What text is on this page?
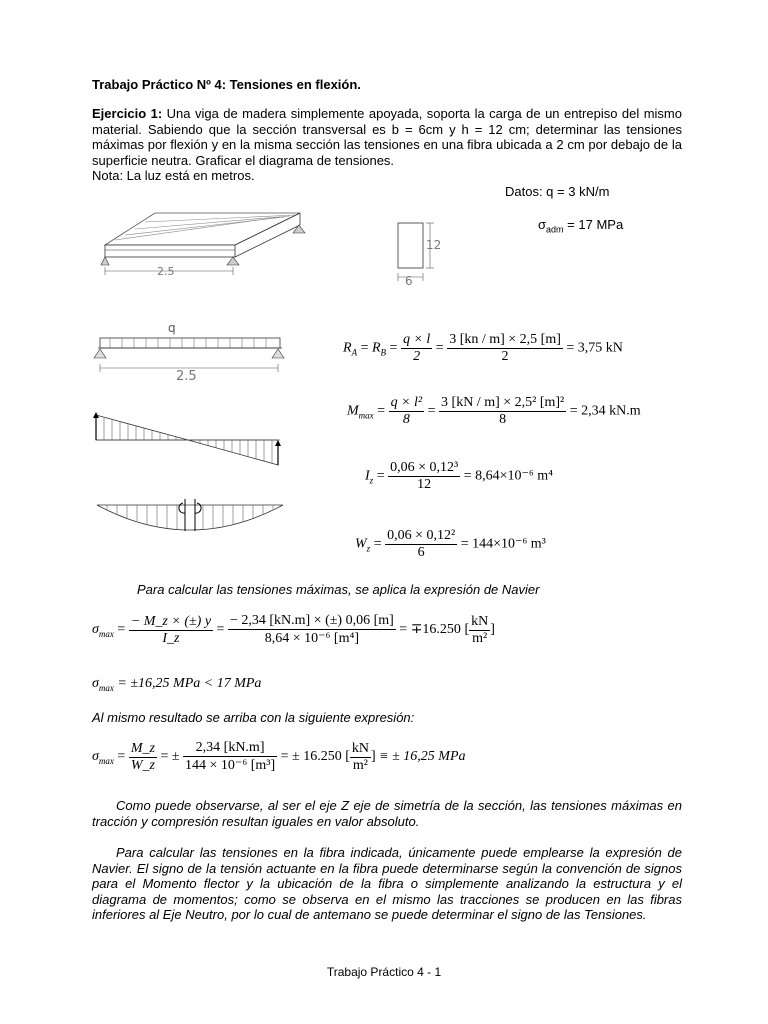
Trabajo Práctico Nº 4: Tensiones en flexión.
Ejercicio 1: Una viga de madera simplemente apoyada, soporta la carga de un entrepiso del mismo material. Sabiendo que la sección transversal es b = 6cm y h = 12 cm; determinar las tensiones máximas por flexión y en la misma sección las tensiones en una fibra ubicada a 2 cm por debajo de la superficie neutra. Graficar el diagrama de tensiones.
Nota: La luz está en metros.
Datos: q = 3 kN/m
$\sigma_{adm} = 17$ MPa
2.5
12
6
q
2.5
$R_A = R_B = \frac{q \times l}{2} = \frac{3 [kn / m] \times 2,5 [m]}{2} = 3,75$ kN
$M_{max} = \frac{\text{q × l²}}{8} = \frac{\text{3 [kN / m] × 2,5² [m]²}}{8} = 2,34$ kN.m
$I_z = \frac{\text{0,06 × 0,12³}}{12} = 8,64\times 10^{-6}$ m⁴
$W_z = \frac{\text{0,06 × 0,12²}}{6} = 144\times 10^{-6}$ m³
Para calcular las tensiones máximas, se aplica la expresión de Navier
$\sigma_{max} = \frac{- M\_z \times (\pm) y}{I\_z} = \frac{- 2,34 [kN.m] \times (\pm) 0,06 [m]}{\text{8,64 × 10⁻⁶ [m⁴]}} = \mp 16.250$ [ $\frac{kN}{\text{m²}}$ ]
$\sigma_{max} = \pm 16,25$ MPa < 17 MPa
Al mismo resultado se arriba con la siguiente expresión:
$\sigma_{max} = \frac{M\_z}{W\_z}$ = ± $\frac{2,34 [kN.m]}{\text{144 × 10⁻⁶ [m³]}}$ = ± 16.250 [ $\frac{kN}{\text{m²}}$ ] ≡ ± 16,25 MPa
Como puede observarse, al ser el eje Z eje de simetría de la sección, las tensiones máximas en tracción y compresión resultan iguales en valor absoluto.
Para calcular las tensiones en la fibra indicada, únicamente puede emplearse la expresión de Navier. El signo de la tensión actuante en la fibra puede determinarse según la convención de signos para el Momento flector y la ubicación de la fibra o simplemente analizando la estructura y el diagrama de momentos; como se observa en el mismo las tracciones se producen en las fibras inferiores al Eje Neutro, por lo cual de antemano se puede determinar el signo de las Tensiones.
Trabajo Práctico 4 - 1
